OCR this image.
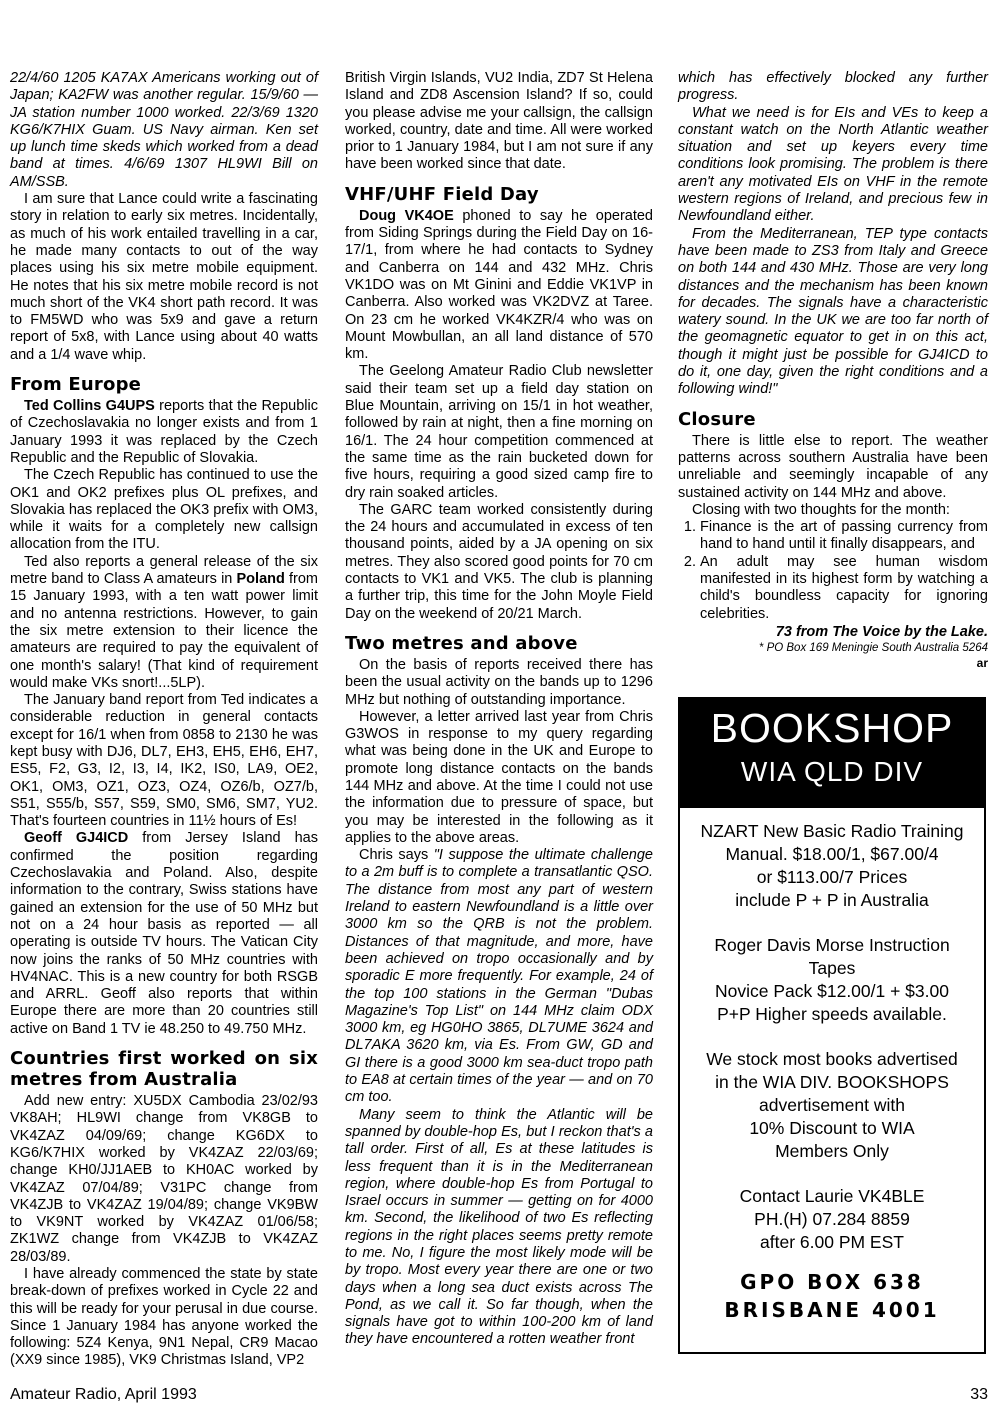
22/4/60 1205 KA7AX Americans working out of Japan; KA2FW was another regular. 15/9/60 — JA station number 1000 worked. 22/3/69 1320 KG6/K7HIX Guam. US Navy airman. Ken set up lunch time skeds which worked from a dead band at times. 4/6/69 1307 HL9WI Bill on AM/SSB.

I am sure that Lance could write a fascinating story in relation to early six metres. Incidentally, as much of his work entailed travelling in a car, he made many contacts to out of the way places using his six metre mobile equipment. He notes that his six metre mobile record is not much short of the VK4 short path record. It was to FM5WD who was 5x9 and gave a return report of 5x8, with Lance using about 40 watts and a 1/4 wave whip.

From Europe

Ted Collins G4UPS reports that the Republic of Czechoslavakia no longer exists and from 1 January 1993 it was replaced by the Czech Republic and the Republic of Slovakia.

The Czech Republic has continued to use the OK1 and OK2 prefixes plus OL prefixes, and Slovakia has replaced the OK3 prefix with OM3, while it waits for a completely new callsign allocation from the ITU.

Ted also reports a general release of the six metre band to Class A amateurs in Poland from 15 January 1993, with a ten watt power limit and no antenna restrictions. However, to gain the six metre extension to their licence the amateurs are required to pay the equivalent of one month's salary! (That kind of requirement would make VKs snort!...5LP).

The January band report from Ted indicates a considerable reduction in general contacts except for 16/1 when from 0858 to 2130 he was kept busy with DJ6, DL7, EH3, EH5, EH6, EH7, ES5, F2, G3, I2, I3, I4, IK2, IS0, LA9, OE2, OK1, OM3, OZ1, OZ3, OZ4, OZ6/b, OZ7/b, S51, S55/b, S57, S59, SM0, SM6, SM7, YU2. That's fourteen countries in 11½ hours of Es!

Geoff GJ4ICD from Jersey Island has confirmed the position regarding Czechoslavakia and Poland. Also, despite information to the contrary, Swiss stations have gained an extension for the use of 50 MHz but not on a 24 hour basis as reported — all operating is outside TV hours. The Vatican City now joins the ranks of 50 MHz countries with HV4NAC. This is a new country for both RSGB and ARRL. Geoff also reports that within Europe there are more than 20 countries still active on Band 1 TV ie 48.250 to 49.750 MHz.

Countries first worked on six metres from Australia

Add new entry: XU5DX Cambodia 23/02/93 VK8AH; HL9WI change from VK8GB to VK4ZAZ 04/09/69; change KG6DX to KG6/K7HIX worked by VK4ZAZ 22/03/69; change KH0/JJ1AEB to KH0AC worked by VK4ZAZ 07/04/89; V31PC change from VK4ZJB to VK4ZAZ 19/04/89; change VK9BW to VK9NT worked by VK4ZAZ 01/06/58; ZK1WZ change from VK4ZJB to VK4ZAZ 28/03/89.

I have already commenced the state by state break-down of prefixes worked in Cycle 22 and this will be ready for your perusal in due course. Since 1 January 1984 has anyone worked the following: 5Z4 Kenya, 9N1 Nepal, CR9 Macao (XX9 since 1985), VK9 Christmas Island, VP2

British Virgin Islands, VU2 India, ZD7 St Helena Island and ZD8 Ascension Island? If so, could you please advise me your callsign, the callsign worked, country, date and time. All were worked prior to 1 January 1984, but I am not sure if any have been worked since that date.

VHF/UHF Field Day

Doug VK4OE phoned to say he operated from Siding Springs during the Field Day on 16-17/1, from where he had contacts to Sydney and Canberra on 144 and 432 MHz. Chris VK1DO was on Mt Ginini and Eddie VK1VP in Canberra. Also worked was VK2DVZ at Taree. On 23 cm he worked VK4KZR/4 who was on Mount Mowbullan, an all land distance of 570 km.

The Geelong Amateur Radio Club newsletter said their team set up a field day station on Blue Mountain, arriving on 15/1 in hot weather, followed by rain at night, then a fine morning on 16/1. The 24 hour competition commenced at the same time as the rain bucketed down for five hours, requiring a good sized camp fire to dry rain soaked articles.

The GARC team worked consistently during the 24 hours and accumulated in excess of ten thousand points, aided by a JA opening on six metres. They also scored good points for 70 cm contacts to VK1 and VK5. The club is planning a further trip, this time for the John Moyle Field Day on the weekend of 20/21 March.

Two metres and above

On the basis of reports received there has been the usual activity on the bands up to 1296 MHz but nothing of outstanding importance.

However, a letter arrived last year from Chris G3WOS in response to my query regarding what was being done in the UK and Europe to promote long distance contacts on the bands 144 MHz and above. At the time I could not use the information due to pressure of space, but you may be interested in the following as it applies to the above areas.

Chris says "I suppose the ultimate challenge to a 2m buff is to complete a transatlantic QSO. The distance from most any part of western Ireland to eastern Newfoundland is a little over 3000 km so the QRB is not the problem. Distances of that magnitude, and more, have been achieved on tropo occasionally and by sporadic E more frequently. For example, 24 of the top 100 stations in the German "Dubas Magazine's Top List" on 144 MHz claim ODX 3000 km, eg HG0HO 3865, DL7UME 3624 and DL7AKA 3620 km, via Es. From GW, GD and GI there is a good 3000 km sea-duct tropo path to EA8 at certain times of the year — and on 70 cm too.

Many seem to think the Atlantic will be spanned by double-hop Es, but I reckon that's a tall order. First of all, Es at these latitudes is less frequent than it is in the Mediterranean region, where double-hop Es from Portugal to Israel occurs in summer — getting on for 4000 km. Second, the likelihood of two Es reflecting regions in the right places seems pretty remote to me. No, I figure the most likely mode will be by tropo. Most every year there are one or two days when a long sea duct exists across The Pond, as we call it. So far though, when the signals have got to within 100-200 km of land they have encountered a rotten weather front

which has effectively blocked any further progress.

What we need is for EIs and VEs to keep a constant watch on the North Atlantic weather situation and set up keyers every time conditions look promising. The problem is there aren't any motivated EIs on VHF in the remote western regions of Ireland, and precious few in Newfoundland either.

From the Mediterranean, TEP type contacts have been made to ZS3 from Italy and Greece on both 144 and 430 MHz. Those are very long distances and the mechanism has been known for decades. The signals have a characteristic watery sound. In the UK we are too far north of the geomagnetic equator to get in on this act, though it might just be possible for GJ4ICD to do it, one day, given the right conditions and a following wind!"

Closure

There is little else to report. The weather patterns across southern Australia have been unreliable and seemingly incapable of any sustained activity on 144 MHz and above.

Closing with two thoughts for the month:

1. Finance is the art of passing currency from hand to hand until it finally disappears, and
2. An adult may see human wisdom manifested in its highest form by watching a child's boundless capacity for ignoring celebrities.
73 from The Voice by the Lake.
* PO Box 169 Meningie South Australia 5264
ar
BOOKSHOP
WIA QLD DIV
NZART New Basic Radio Training
Manual. $18.00/1, $67.00/4
or $113.00/7 Prices
include P + P in Australia
Roger Davis Morse Instruction
Tapes
Novice Pack $12.00/1 + $3.00
P+P Higher speeds available.
We stock most books advertised
in the WIA DIV. BOOKSHOPS
advertisement with
10% Discount to WIA
Members Only
Contact Laurie VK4BLE
PH.(H) 07.284 8859
after 6.00 PM EST
GPO BOX 638
BRISBANE 4001
Amateur Radio, April 1993	33
